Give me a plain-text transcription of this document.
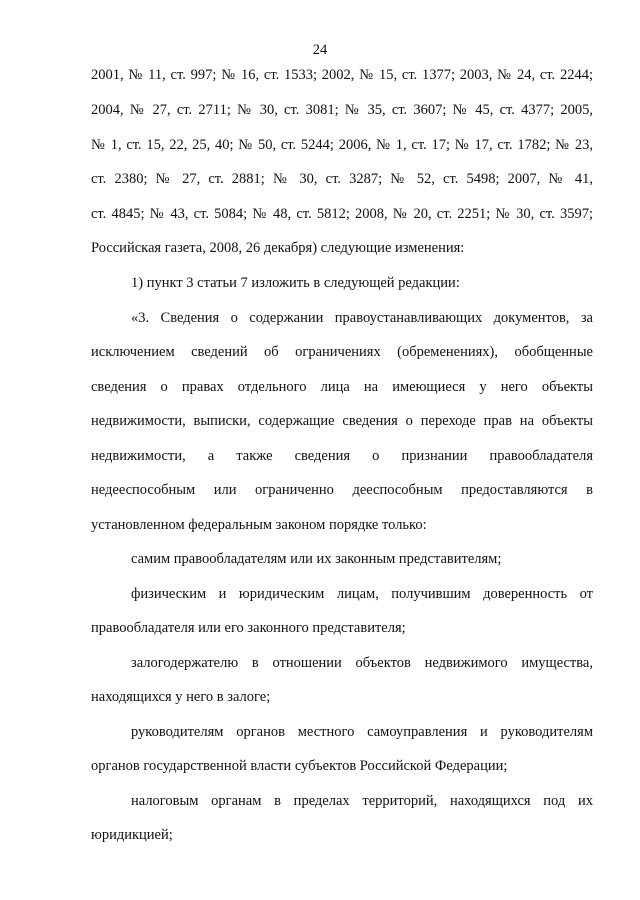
24
2001, № 11, ст. 997; № 16, ст. 1533; 2002, № 15, ст. 1377; 2003, № 24, ст. 2244;
2004, № 27, ст. 2711; № 30, ст. 3081; № 35, ст. 3607; № 45, ст. 4377; 2005,
№ 1, ст. 15, 22, 25, 40; № 50, ст. 5244; 2006, № 1, ст. 17; № 17, ст. 1782; № 23,
ст. 2380; № 27, ст. 2881; № 30, ст. 3287; № 52, ст. 5498; 2007, № 41,
ст. 4845; № 43, ст. 5084; № 48, ст. 5812; 2008, № 20, ст. 2251; № 30, ст. 3597;
Российская газета, 2008, 26 декабря) следующие изменения:
1) пункт 3 статьи 7 изложить в следующей редакции:
«3. Сведения о содержании правоустанавливающих документов, за
исключением сведений об ограничениях (обременениях), обобщенные
сведения о правах отдельного лица на имеющиеся у него объекты
недвижимости, выписки, содержащие сведения о переходе прав на объекты
недвижимости, а также сведения о признании правообладателя
недееспособным или ограниченно дееспособным предоставляются в
установленном федеральным законом порядке только:
самим правообладателям или их законным представителям;
физическим и юридическим лицам, получившим доверенность от
правообладателя или его законного представителя;
залогодержателю в отношении объектов недвижимого имущества,
находящихся у него в залоге;
руководителям органов местного самоуправления и руководителям
органов государственной власти субъектов Российской Федерации;
налоговым органам в пределах территорий, находящихся под их
юридикцией;
